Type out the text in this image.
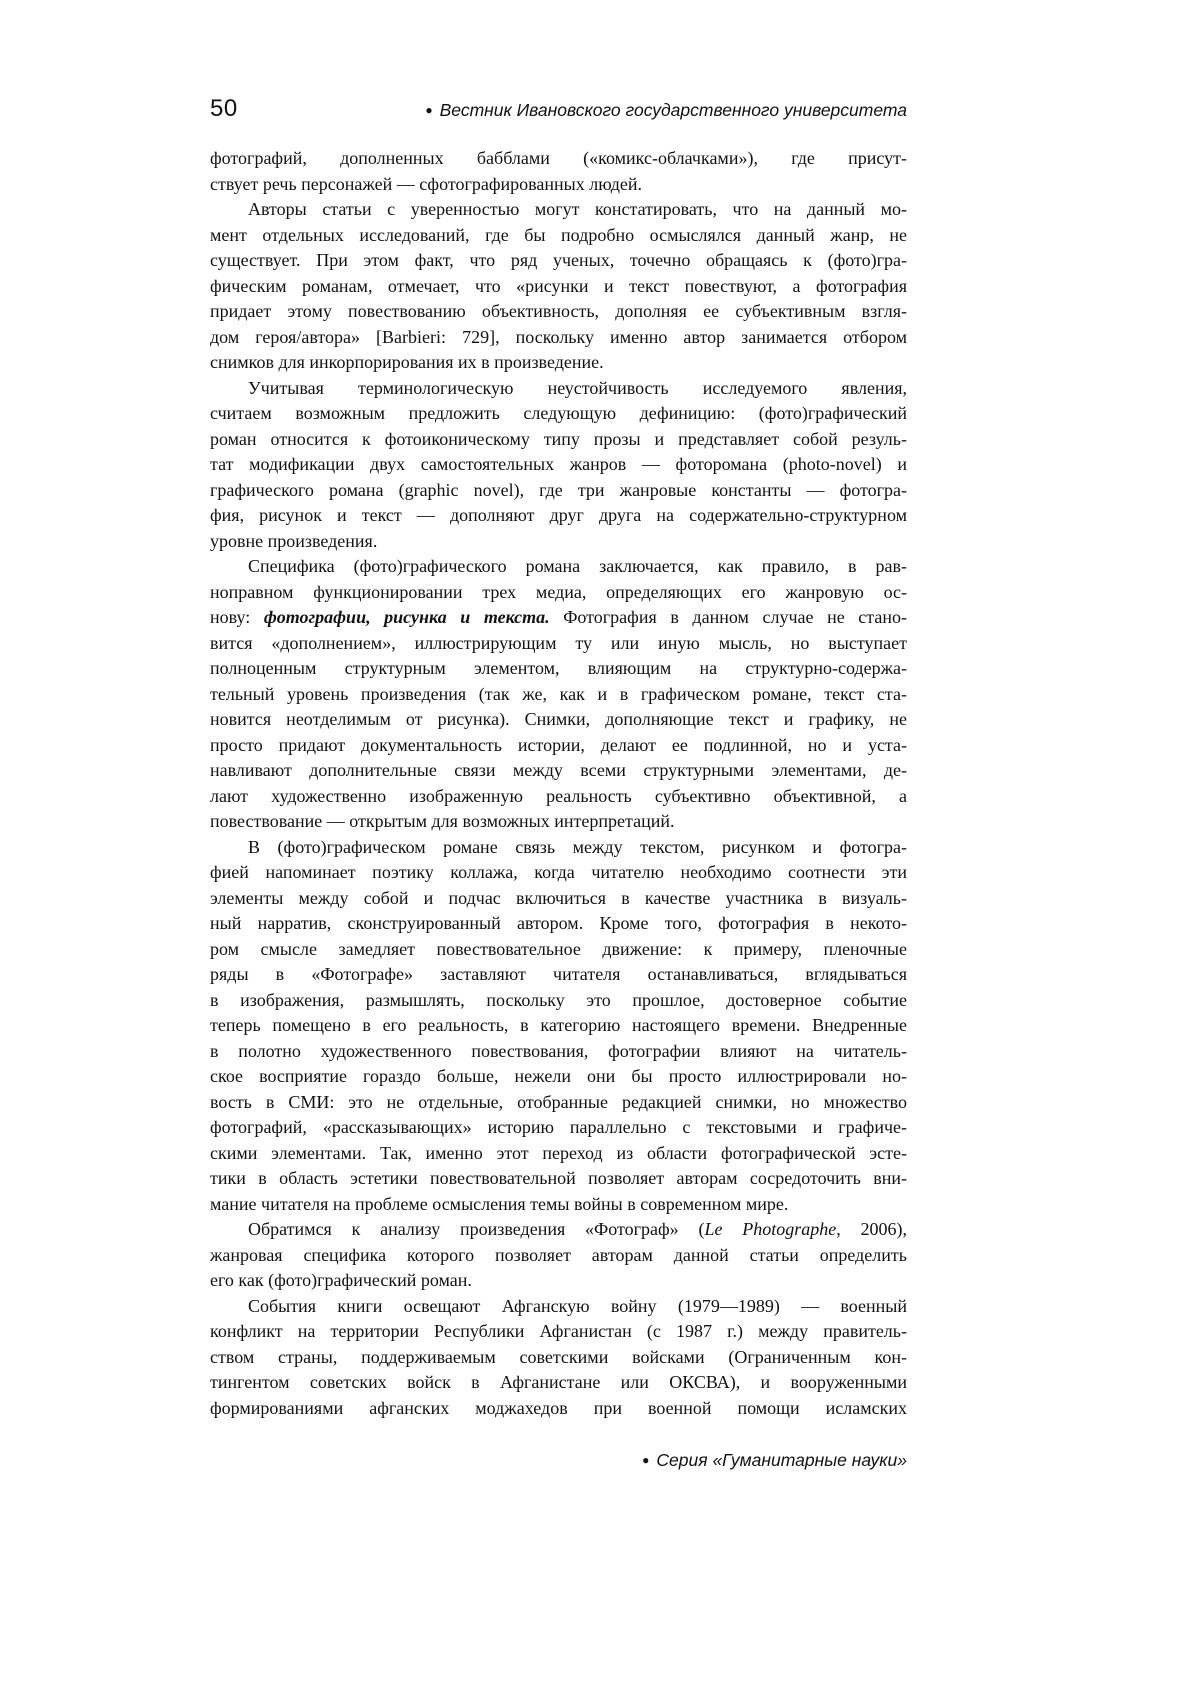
50	● Вестник Ивановского государственного университета

фотографий, дополненных бабблами («комикс-облачками»), где присут-
ствует речь персонажей — сфотографированных людей.

Авторы статьи с уверенностью могут констатировать, что на данный мо-
мент отдельных исследований, где бы подробно осмыслялся данный жанр, не
существует. При этом факт, что ряд ученых, точечно обращаясь к (фото)гра-
фическим романам, отмечает, что «рисунки и текст повествуют, а фотография
придает этому повествованию объективность, дополняя ее субъективным взгля-
дом героя/автора» [Barbieri: 729], поскольку именно автор занимается отбором
снимков для инкорпорирования их в произведение.

Учитывая терминологическую неустойчивость исследуемого явления,
считаем возможным предложить следующую дефиницию: (фото)графический
роман относится к фотоиконическому типу прозы и представляет собой резуль-
тат модификации двух самостоятельных жанров — фоторомана (photo-novel) и
графического романа (graphic novel), где три жанровые константы — фотогра-
фия, рисунок и текст — дополняют друг друга на содержательно-структурном
уровне произведения.

Специфика (фото)графического романа заключается, как правило, в рав-
ноправном функционировании трех медиа, определяющих его жанровую ос-
нову: фотографии, рисунка и текста. Фотография в данном случае не стано-
вится «дополнением», иллюстрирующим ту или иную мысль, но выступает
полноценным структурным элементом, влияющим на структурно-содержа-
тельный уровень произведения (так же, как и в графическом романе, текст ста-
новится неотделимым от рисунка). Снимки, дополняющие текст и графику, не
просто придают документальность истории, делают ее подлинной, но и уста-
навливают дополнительные связи между всеми структурными элементами, де-
лают художественно изображенную реальность субъективно объективной, а
повествование — открытым для возможных интерпретаций.

В (фото)графическом романе связь между текстом, рисунком и фотогра-
фией напоминает поэтику коллажа, когда читателю необходимо соотнести эти
элементы между собой и подчас включиться в качестве участника в визуаль-
ный нарратив, сконструированный автором. Кроме того, фотография в некото-
ром смысле замедляет повествовательное движение: к примеру, пленочные
ряды в «Фотографе» заставляют читателя останавливаться, вглядываться
в изображения, размышлять, поскольку это прошлое, достоверное событие
теперь помещено в его реальность, в категорию настоящего времени. Внедренные
в полотно художественного повествования, фотографии влияют на читатель-
ское восприятие гораздо больше, нежели они бы просто иллюстрировали но-
вость в СМИ: это не отдельные, отобранные редакцией снимки, но множество
фотографий, «рассказывающих» историю параллельно с текстовыми и графиче-
скими элементами. Так, именно этот переход из области фотографической эсте-
тики в область эстетики повествовательной позволяет авторам сосредоточить вни-
мание читателя на проблеме осмысления темы войны в современном мире.

Обратимся к анализу произведения «Фотограф» (Le Photographe, 2006),
жанровая специфика которого позволяет авторам данной статьи определить
его как (фото)графический роман.

События книги освещают Афганскую войну (1979—1989) — военный
конфликт на территории Республики Афганистан (с 1987 г.) между правитель-
ством страны, поддерживаемым советскими войсками (Ограниченным кон-
тингентом советских войск в Афганистане или ОКСВА), и вооруженными
формированиями афганских моджахедов при военной помощи исламских

● Серия «Гуманитарные науки»
